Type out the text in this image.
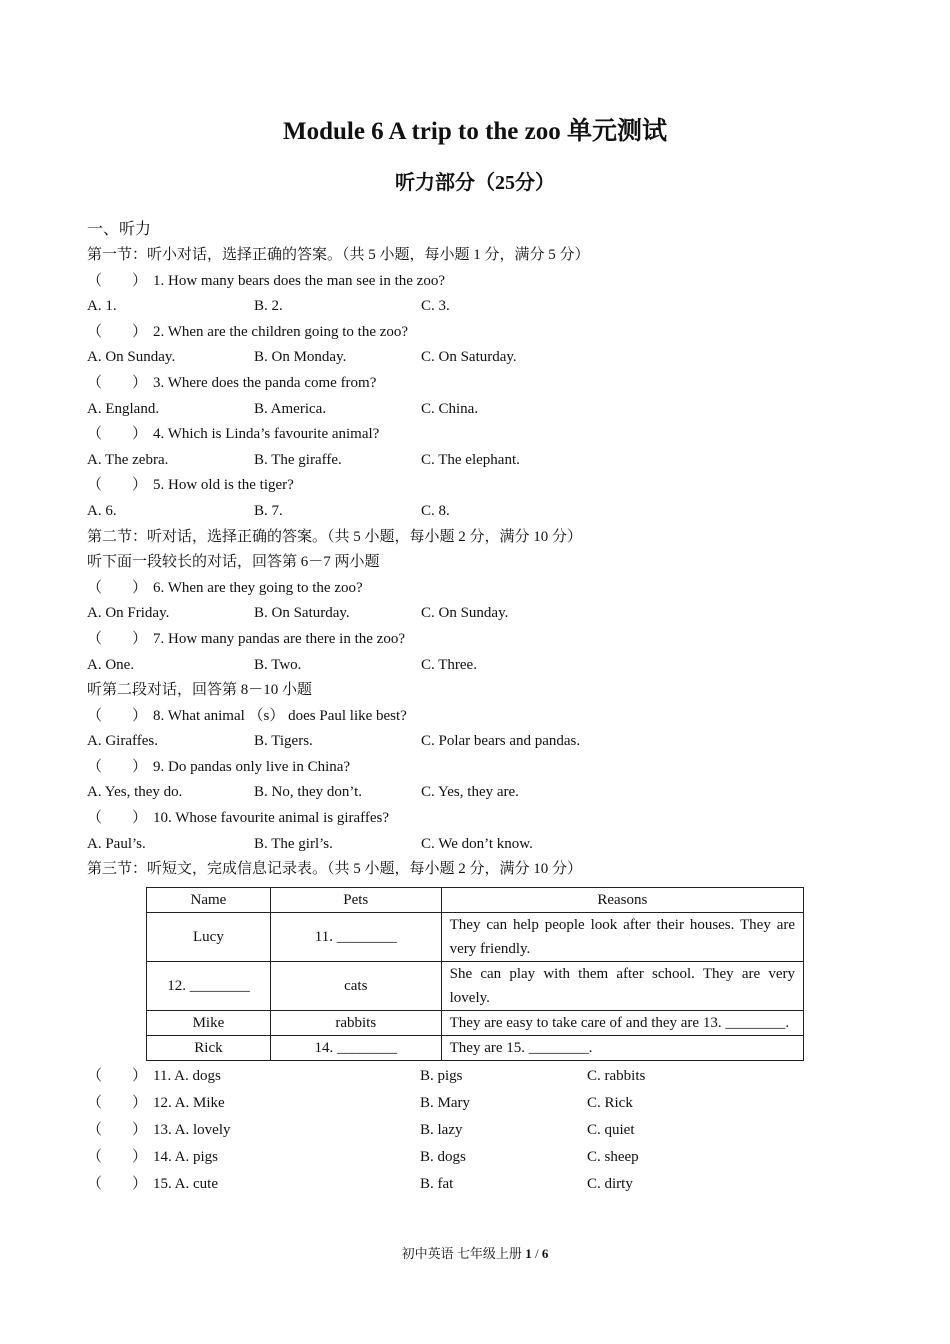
Module 6 A trip to the zoo 单元测试
听力部分（25分）
一、听力
第一节：听小对话，选择正确的答案。（共 5 小题，每小题 1 分，满分 5 分）
（　　） 1. How many bears does the man see in the zoo?
A. 1.	B. 2.	C. 3.
（　　） 2. When are the children going to the zoo?
A. On Sunday.	B. On Monday.	C. On Saturday.
（　　） 3. Where does the panda come from?
A. England.	B. America.	C. China.
（　　） 4. Which is Linda’s favourite animal?
A. The zebra.	B. The giraffe.	C. The elephant.
（　　） 5. How old is the tiger?
A. 6.	B. 7.	C. 8.
第二节：听对话，选择正确的答案。（共 5 小题，每小题 2 分，满分 10 分）
听下面一段较长的对话，回答第 6－7 两小题
（　　） 6. When are they going to the zoo?
A. On Friday.	B. On Saturday.	C. On Sunday.
（　　） 7. How many pandas are there in the zoo?
A. One.	B. Two.	C. Three.
听第二段对话，回答第 8－10 小题
（　　） 8. What animal （s） does Paul like best?
A. Giraffes.	B. Tigers.	C. Polar bears and pandas.
（　　） 9. Do pandas only live in China?
A. Yes, they do.	B. No, they don’t.	C. Yes, they are.
（　　） 10. Whose favourite animal is giraffes?
A. Paul’s.	B. The girl’s.	C. We don’t know.
第三节：听短文，完成信息记录表。（共 5 小题，每小题 2 分，满分 10 分）
Name	Pets	Reasons
Lucy	11. ________	They can help people look after their houses. They are very friendly.
12. ________	cats	She can play with them after school. They are very lovely.
Mike	rabbits	They are easy to take care of and they are 13. ________.
Rick	14. ________	They are 15. ________.
（　　） 11. A. dogs	B. pigs	C. rabbits
（　　） 12. A. Mike	B. Mary	C. Rick
（　　） 13. A. lovely	B. lazy	C. quiet
（　　） 14. A. pigs	B. dogs	C. sheep
（　　） 15. A. cute	B. fat	C. dirty
初中英语 七年级上册 1 / 6
